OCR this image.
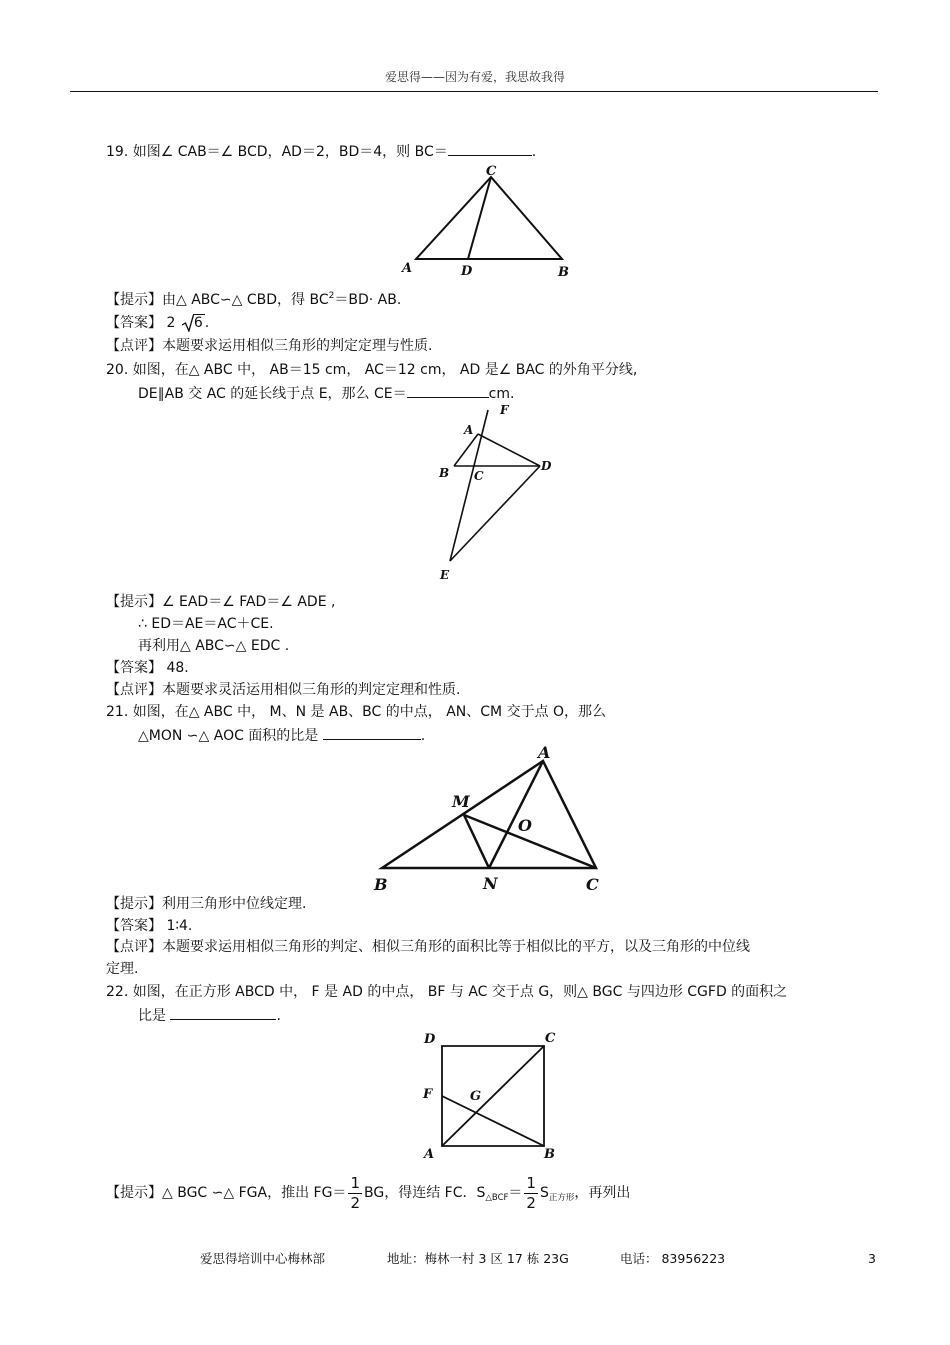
爱思得——因为有爱，我思故我得
19. 如图∠ CAB＝∠ BCD，AD＝2，BD＝4，则 BC＝	.
C
A	D	B
【提示】由△ ABC∽△ CBD，得 $BC^2=BD\cdot$ AB.
【答案】 2 6 .
【点评】本题要求运用相似三角形的判定定理与性质.
20. 如图，在△ ABC 中， AB＝15 cm， AC＝12 cm， AD 是∠ BAC 的外角平分线,
DE∥AB 交 AC 的延长线于点 E，那么 CE＝	cm.
F
A
B C
D
E
【提示】∠ EAD＝∠ FAD＝∠ ADE ,
∴ ED＝AE＝AC＋CE.
再利用△ ABC∽△ EDC .
【答案】 48.
【点评】本题要求灵活运用相似三角形的判定定理和性质.
21. 如图，在△ ABC 中， M、N 是 AB、BC 的中点， AN、CM 交于点 O，那么
△MON ∽△ AOC 面积的比是	.
A
M
O
B	N	C
【提示】利用三角形中位线定理.
【答案】 1∶4.
【点评】本题要求运用相似三角形的判定、相似三角形的面积比等于相似比的平方，以及三角形的中位线
定理.
22. 如图，在正方形 ABCD 中， F 是 AD 的中点， BF 与 AC 交于点 G，则△ BGC 与四边形 CGFD 的面积之
比是	.
D	C
F	G
A	B
【提示】△ BGC ∽△ FGA，推出 $FG= \frac{1}{2}$ BG，得连结 FC．$S_{\triangle BCF}= \frac{1}{2} S_{正方形}$，再列出
爱思得培训中心梅林部	地址：梅林一村 3 区 17 栋 23G	电话： 83956223	3
